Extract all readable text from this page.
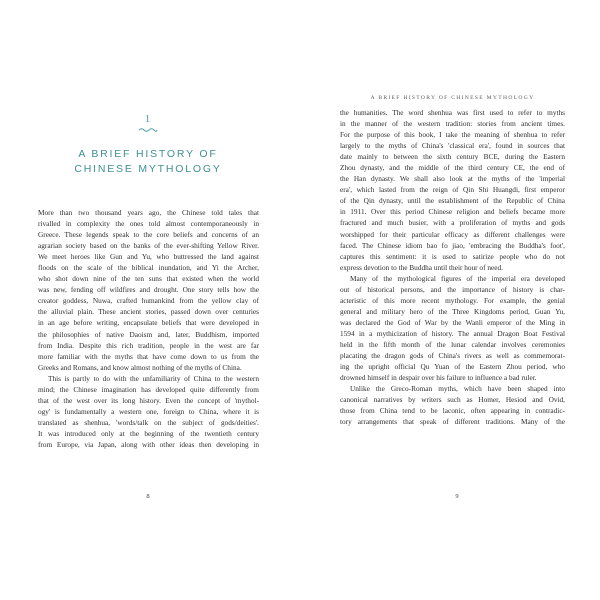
1
A BRIEF HISTORY OF
CHINESE MYTHOLOGY

More than two thousand years ago, the Chinese told tales that
rivalled in complexity the ones told almost contemporaneously in
Greece. These legends speak to the core beliefs and concerns of an
agrarian society based on the banks of the ever-shifting Yellow River.
We meet heroes like Gun and Yu, who buttressed the land against
floods on the scale of the biblical inundation, and Yi the Archer,
who shot down nine of the ten suns that existed when the world
was new, fending off wildfires and drought. One story tells how the
creator goddess, Nuwa, crafted humankind from the yellow clay of
the alluvial plain. These ancient stories, passed down over centuries
in an age before writing, encapsulate beliefs that were developed in
the philosophies of native Daoism and, later, Buddhism, imported
from India. Despite this rich tradition, people in the west are far
more familiar with the myths that have come down to us from the
Greeks and Romans, and know almost nothing of the myths of China.

This is partly to do with the unfamiliarity of China to the western
mind; the Chinese imagination has developed quite differently from
that of the west over its long history. Even the concept of 'mythol-
ogy' is fundamentally a western one, foreign to China, where it is
translated as shenhua, 'words/talk on the subject of gods/deities'.
It was introduced only at the beginning of the twentieth century
from Europe, via Japan, along with other ideas then developing in

8
A BRIEF HISTORY OF CHINESE MYTHOLOGY

the humanities. The word shenhua was first used to refer to myths
in the manner of the western tradition: stories from ancient times.
For the purpose of this book, I take the meaning of shenhua to refer
largely to the myths of China's 'classical era', found in sources that
date mainly to between the sixth century BCE, during the Eastern
Zhou dynasty, and the middle of the third century CE, the end of
the Han dynasty. We shall also look at the myths of the 'imperial
era', which lasted from the reign of Qin Shi Huangdi, first emperor
of the Qin dynasty, until the establishment of the Republic of China
in 1911. Over this period Chinese religion and beliefs became more
fractured and much busier, with a proliferation of myths and gods
worshipped for their particular efficacy as different challenges were
faced. The Chinese idiom bao fo jiao, 'embracing the Buddha's foot',
captures this sentiment: it is used to satirize people who do not
express devotion to the Buddha until their hour of need.

Many of the mythological figures of the imperial era developed
out of historical persons, and the importance of history is char-
acteristic of this more recent mythology. For example, the genial
general and military hero of the Three Kingdoms period, Guan Yu,
was declared the God of War by the Wanli emperor of the Ming in
1594 in a mythicization of history. The annual Dragon Boat Festival
held in the fifth month of the lunar calendar involves ceremonies
placating the dragon gods of China's rivers as well as commemorat-
ing the upright official Qu Yuan of the Eastern Zhou period, who
drowned himself in despair over his failure to influence a bad ruler.

Unlike the Greco-Roman myths, which have been shaped into
canonical narratives by writers such as Homer, Hesiod and Ovid,
those from China tend to be laconic, often appearing in contradic-
tory arrangements that speak of different traditions. Many of the

9
